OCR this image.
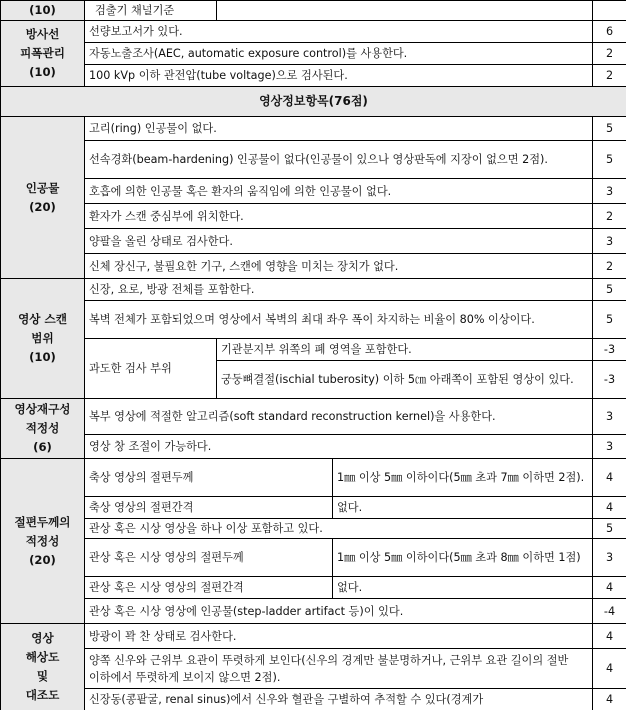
(10)	검출기 채널기준			

방사선
피폭관리
(10)	선량보고서가 있다.			6
	자동노출조사(AEC, automatic exposure control)를 사용한다.			2
	100 kVp 이하 관전압(tube voltage)으로 검사된다.			2
영상정보항목(76점)				

인공물
(20)	고리(ring) 인공물이 없다.			5
	선속경화(beam-hardening) 인공물이 없다(인공물이 있으나 영상판독에 지장이 없으면 2점).			5
	호흡에 의한 인공물 혹은 환자의 움직임에 의한 인공물이 없다.			3
	환자가 스캔 중심부에 위치한다.			2
	양팔을 올린 상태로 검사한다.			3
	신체 장신구, 불필요한 기구, 스캔에 영향을 미치는 장치가 없다.			2

영상 스캔
범위
(10)	신장, 요로, 방광 전체를 포함한다.			5
	복벽 전체가 포함되었으며 영상에서 복벽의 최대 좌우 폭이 차지하는 비율이 80% 이상이다.			5
	과도한 검사 부위	기관분지부 위쪽의 폐 영역을 포함한다.		-3
		궁둥뼈결절(ischial tuberosity) 이하 5㎝ 아래쪽이 포함된 영상이 있다.		-3

영상재구성
적정성
(6)	복부 영상에 적절한 알고리즘(soft standard reconstruction kernel)을 사용한다.			3
	영상 창 조절이 가능하다.			3

절편두께의
적정성
(20)	축상 영상의 절편두께		1㎜ 이상 5㎜ 이하이다(5㎜ 초과 7㎜ 이하면 2점).	4
	축상 영상의 절편간격		없다.	4
	관상 혹은 시상 영상을 하나 이상 포함하고 있다.			5
	관상 혹은 시상 영상의 절편두께		1㎜ 이상 5㎜ 이하이다(5㎜ 초과 8㎜ 이하면 1점)	3
	관상 혹은 시상 영상의 절편간격		없다.	4
	관상 혹은 시상 영상에 인공물(step-ladder artifact 등)이 있다.			-4

영상
해상도
및
대조도	방광이 꽉 찬 상태로 검사한다.			4
	양쪽 신우와 근위부 요관이 뚜렷하게 보인다(신우의 경계만 불분명하거나, 근위부 요관 길이의 절반 이하에서 뚜렷하게 보이지 않으면 2점).			4
	신장동(콩팥굴, renal sinus)에서 신우와 혈관을 구별하여 추적할 수 있다(경계가			4
